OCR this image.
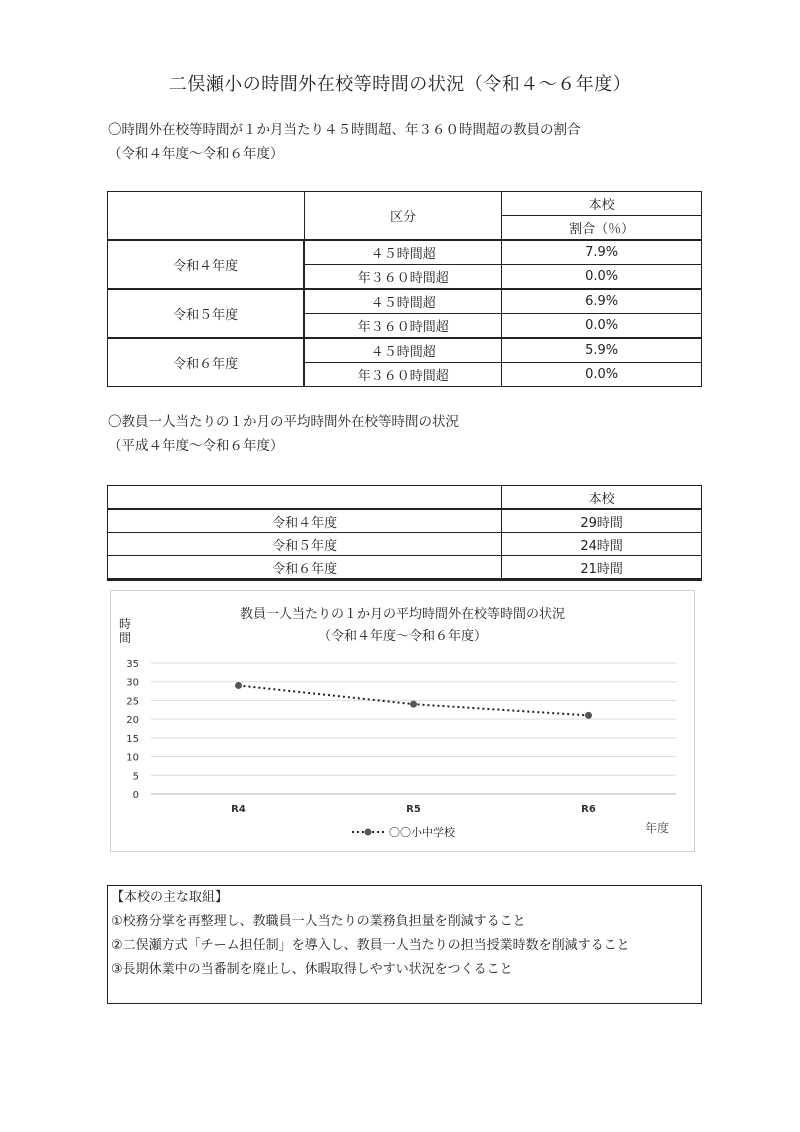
二俣瀬小の時間外在校等時間の状況（令和４～６年度）
〇時間外在校等時間が１か月当たり４５時間超、年３６０時間超の教員の割合
（令和４年度～令和６年度）
	区分	本校
		割合（％）
令和４年度	４５時間超	7.9%
	年３６０時間超	0.0%
令和５年度	４５時間超	6.9%
	年３６０時間超	0.0%
令和６年度	４５時間超	5.9%
	年３６０時間超	0.0%
〇教員一人当たりの１か月の平均時間外在校等時間の状況
（平成４年度～令和６年度）
	本校
令和４年度	29時間
令和５年度	24時間
令和６年度	21時間
教員一人当たりの１か月の平均時間外在校等時間の状況
（令和４年度～令和６年度）
時間
0
5
10
15
20
25
30
35
R4	R5	R6
年度
〇〇小中学校
【本校の主な取組】
①校務分掌を再整理し、教職員一人当たりの業務負担量を削減すること
②二俣瀬方式「チーム担任制」を導入し、教員一人当たりの担当授業時数を削減すること
③長期休業中の当番制を廃止し、休暇取得しやすい状況をつくること
